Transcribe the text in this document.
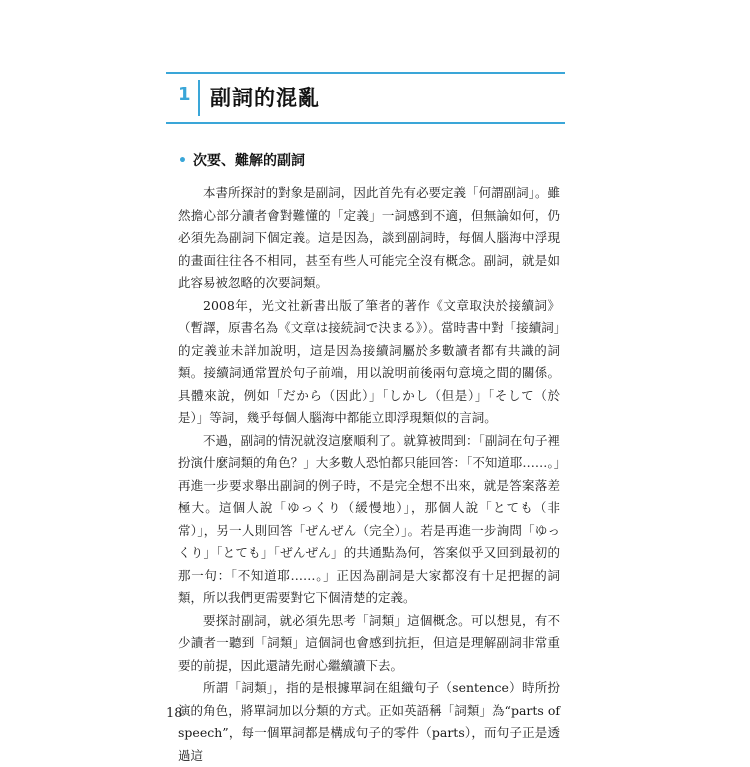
1 副詞的混亂
• 次要、難解的副詞

本書所探討的對象是副詞，因此首先有必要定義「何謂副詞」。雖然擔心部分讀者會對難懂的「定義」一詞感到不適，但無論如何，仍必須先為副詞下個定義。這是因為，談到副詞時，每個人腦海中浮現的畫面往往各不相同，甚至有些人可能完全沒有概念。副詞，就是如此容易被忽略的次要詞類。

2008年，光文社新書出版了筆者的著作《文章取決於接續詞》（暫譯，原書名為《文章は接続詞で決まる》）。當時書中對「接續詞」的定義並未詳加說明，這是因為接續詞屬於多數讀者都有共識的詞類。接續詞通常置於句子前端，用以說明前後兩句意境之間的關係。具體來說，例如「だから（因此）」「しかし（但是）」「そして（於是）」等詞，幾乎每個人腦海中都能立即浮現類似的言詞。

不過，副詞的情況就沒這麼順利了。就算被問到：「副詞在句子裡扮演什麼詞類的角色？」大多數人恐怕都只能回答：「不知道耶……。」再進一步要求舉出副詞的例子時，不是完全想不出來，就是答案落差極大。這個人說「ゆっくり（緩慢地）」，那個人說「とても（非常）」，另一人則回答「ぜんぜん（完全）」。若是再進一步詢問「ゆっくり」「とても」「ぜんぜん」的共通點為何，答案似乎又回到最初的那一句：「不知道耶……。」正因為副詞是大家都沒有十足把握的詞類，所以我們更需要對它下個清楚的定義。

要探討副詞，就必須先思考「詞類」這個概念。可以想見，有不少讀者一聽到「詞類」這個詞也會感到抗拒，但這是理解副詞非常重要的前提，因此還請先耐心繼續讀下去。

所謂「詞類」，指的是根據單詞在組織句子（sentence）時所扮演的角色，將單詞加以分類的方式。正如英語稱「詞類」為“parts of speech”，每一個單詞都是構成句子的零件（parts），而句子正是透過這

18
